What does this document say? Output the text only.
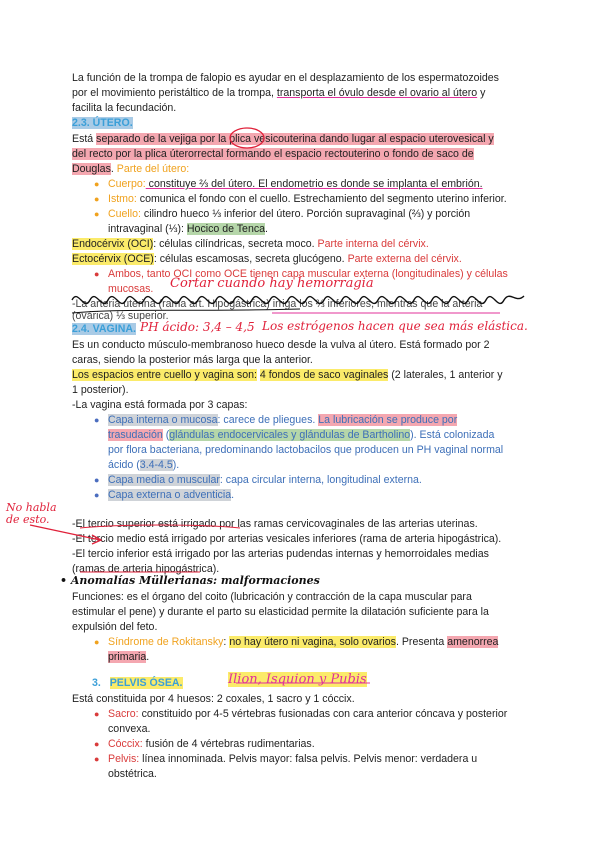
La función de la trompa de falopio es ayudar en el desplazamiento de los espermatozoides
por el movimiento peristáltico de la trompa, transporta el óvulo desde el ovario al útero y
facilita la fecundación.
2.3. ÚTERO.
Está separado de la vejiga por la plica vesicouterina dando lugar al espacio uterovesical y
del recto por la plica úterorrectal formando el espacio rectouterino o fondo de saco de
Douglas. Parte del útero:
● Cuerpo: constituye ⅔ del útero. El endometrio es donde se implanta el embrión.
● Istmo: comunica el fondo con el cuello. Estrechamiento del segmento uterino inferior.
● Cuello: cilindro hueco ⅓ inferior del útero. Porción supravaginal (⅔) y porción
intravaginal (⅓): Hocico de Tenca.
Endocérvix (OCI): células cilíndricas, secreta moco. Parte interna del cérvix.
Ectocérvix (OCE): células escamosas, secreta glucógeno. Parte externa del cérvix.
● Ambos, tanto OCI como OCE tienen capa muscular externa (longitudinales) y células
mucosas. Cortar cuando hay hemorragia
-La arteria uterina (rama art. Hipogástrica) irriga los ⅔ inferiores, mientras que la arteria
(ovárica) ⅓ superior.
2.4. VAGINA. PH ácido: 3,4 – 4,5 Los estrógenos hacen que sea más elástica.
Es un conducto músculo-membranoso hueco desde la vulva al útero. Está formado por 2
caras, siendo la posterior más larga que la anterior.
Los espacios entre cuello y vagina son: 4 fondos de saco vaginales (2 laterales, 1 anterior y
1 posterior).
-La vagina está formada por 3 capas:
● Capa interna o mucosa: carece de pliegues. La lubricación se produce por
trasudación (glándulas endocervicales y glándulas de Bartholino). Está colonizada
por flora bacteriana, predominando lactobacilos que producen un PH vaginal normal
ácido (3.4-4.5).
● Capa media o muscular: capa circular interna, longitudinal externa.
● Capa externa o adventicia.
No habla
de esto.	-El tercio superior está irrigado por las ramas cervicovaginales de las arterias uterinas.
-El tercio medio está irrigado por arterias vesicales inferiores (rama de arteria hipogástrica).
-El tercio inferior está irrigado por las arterias pudendas internas y hemorroidales medias
(ramas de arteria hipogástrica).
• Anomalías Müllerianas: malformaciones
Funciones: es el órgano del coito (lubricación y contracción de la capa muscular para
estimular el pene) y durante el parto su elasticidad permite la dilatación suficiente para la
expulsión del feto.
● Síndrome de Rokitansky: no hay útero ni vagina, solo ovarios. Presenta amenorrea
primaria.
3. PELVIS ÓSEA.	Ilion, Isquion y Pubis
Está constituida por 4 huesos: 2 coxales, 1 sacro y 1 cóccix.
● Sacro: constituido por 4-5 vértebras fusionadas con cara anterior cóncava y posterior
convexa.
● Cóccix: fusión de 4 vértebras rudimentarias.
● Pelvis: línea innominada. Pelvis mayor: falsa pelvis. Pelvis menor: verdadera u
obstétrica.
